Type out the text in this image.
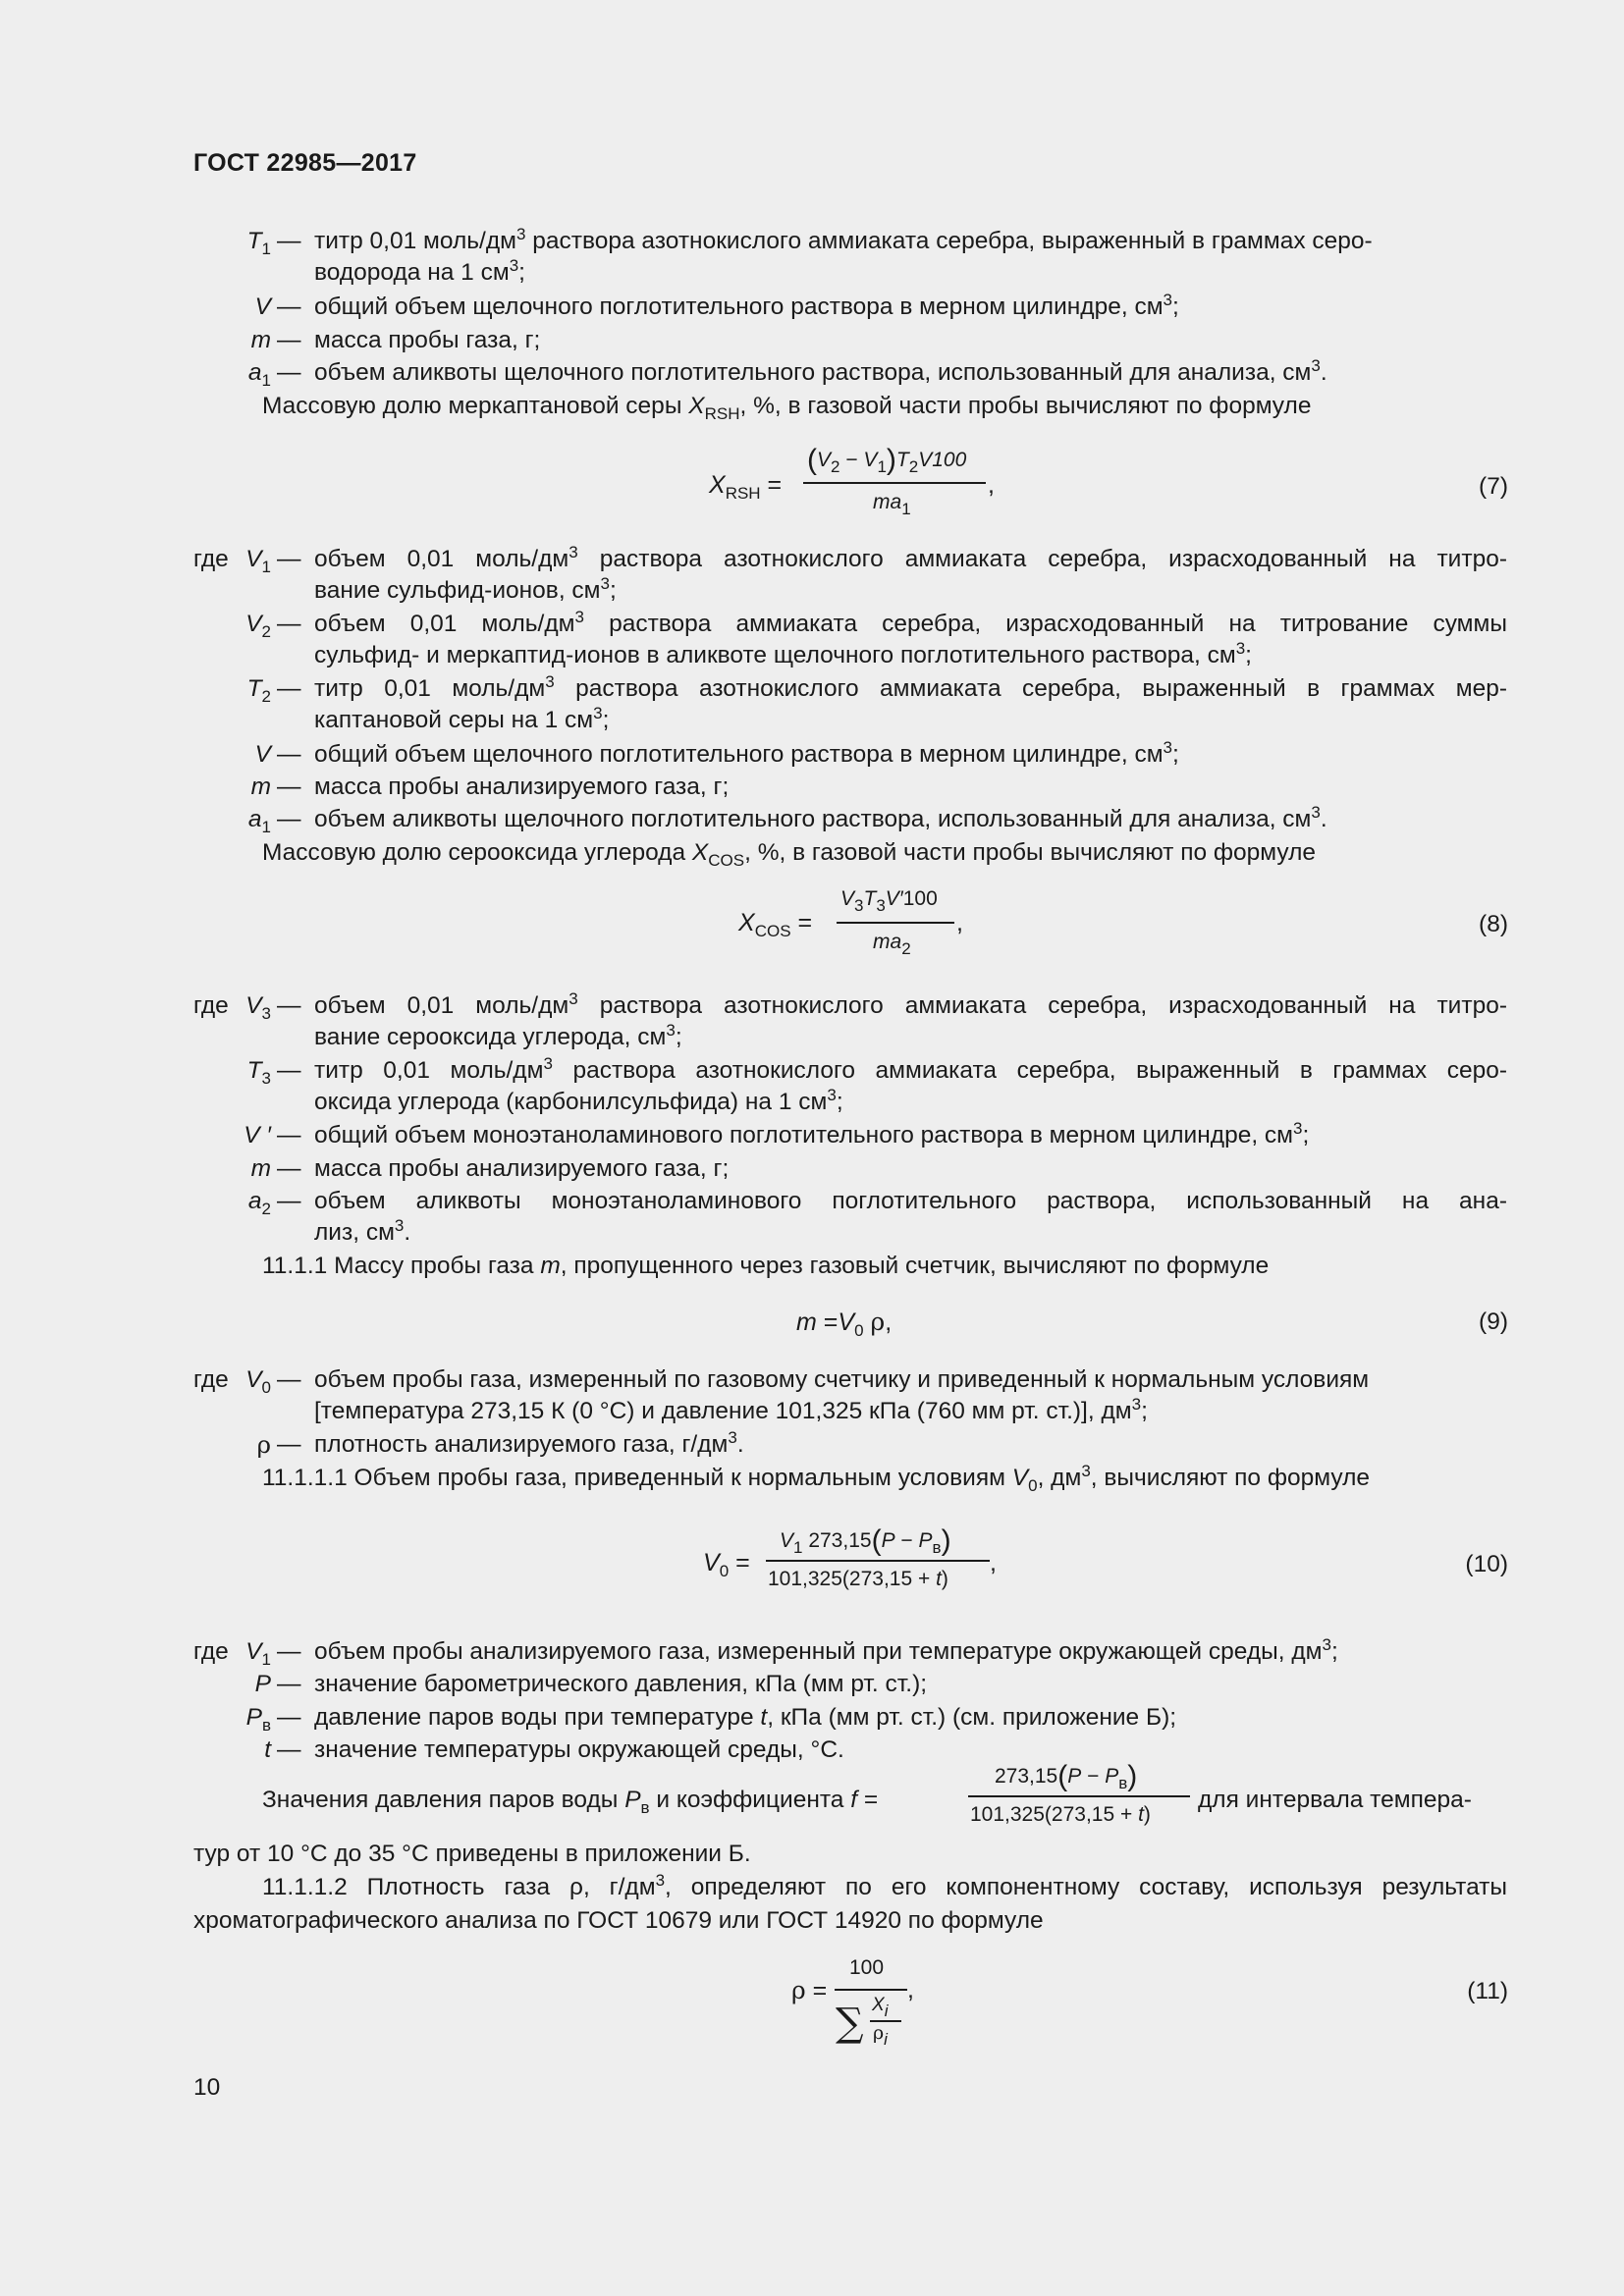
ГОСТ 22985—2017
$T_1$ — титр 0,01 моль/$дм^3$ раствора азотнокислого аммиаката серебра, выраженный в граммах серо-
водорода на 1 $см^3$;
V — общий объем щелочного поглотительного раствора в мерном цилиндре, $см^3$;
m — масса пробы газа, г;
$a_1$ — объем аликвоты щелочного поглотительного раствора, использованный для анализа, $см^3$.
Массовую долю меркаптановой серы $X_{RSH}$, %, в газовой части пробы вычисляют по формуле
$X_{RSH}$ =
$(V_2 - V_1)T_2V100$
$ma_1$
,	(7)
где $V_1$ — объем 0,01 моль/$дм^3$ раствора азотнокислого аммиаката серебра, израсходованный на титро-
вание сульфид-ионов, $см^3$;
$V_2$ — объем 0,01 моль/$дм^3$ раствора аммиаката серебра, израсходованный на титрование суммы
сульфид- и меркаптид-ионов в аликвоте щелочного поглотительного раствора, $см^3$;
$T_2$ — титр 0,01 моль/$дм^3$ раствора азотнокислого аммиаката серебра, выраженный в граммах мер-
каптановой серы на 1 $см^3$;
V — общий объем щелочного поглотительного раствора в мерном цилиндре, $см^3$;
m — масса пробы анализируемого газа, г;
$a_1$ — объем аликвоты щелочного поглотительного раствора, использованный для анализа, $см^3$.
Массовую долю серооксида углерода $X_{COS}$, %, в газовой части пробы вычисляют по формуле
$X_{COS}$ =
$V_3T_3V'100$
$ma_2$
,	(8)
где $V_3$ — объем 0,01 моль/$дм^3$ раствора азотнокислого аммиаката серебра, израсходованный на титро-
вание серооксида углерода, $см^3$;
$T_3$ — титр 0,01 моль/$дм^3$ раствора азотнокислого аммиаката серебра, выраженный в граммах серо-
оксида углерода (карбонилсульфида) на 1 $см^3$;
V ′ — общий объем моноэтаноламинового поглотительного раствора в мерном цилиндре, $см^3$;
m — масса пробы анализируемого газа, г;
$a_2$ — объем аликвоты моноэтаноламинового поглотительного раствора, использованный на ана-
лиз, $см^3$.
11.1.1 Массу пробы газа m, пропущенного через газовый счетчик, вычисляют по формуле
$m =V_0$ ρ,	(9)
где $V_0$ — объем пробы газа, измеренный по газовому счетчику и приведенный к нормальным условиям
[температура 273,15 К (0 °С) и давление 101,325 кПа (760 мм рт. ст.)], $дм^3$;
ρ — плотность анализируемого газа, $г/дм^3$.
11.1.1.1 Объем пробы газа, приведенный к нормальным условиям $V_0$, $дм^3$, вычисляют по формуле
$V_0$ =
$V_1$ $273,15(P - P_в)$
101,325(273,15 + t)
,	(10)
где $V_1$ — объем пробы анализируемого газа, измеренный при температуре окружающей среды, $дм^3$;
P — значение барометрического давления, кПа (мм рт. ст.);
$P_в$ — давление паров воды при температуре t, кПа (мм рт. ст.) (см. приложение Б);
t — значение температуры окружающей среды, °С.
Значения давления паров воды $P_в$ и коэффициента f =
$273,15(P - P_в)$
101,325(273,15 + t)
для интервала темпера-
тур от 10 °С до 35 °С приведены в приложении Б.
11.1.1.2 Плотность газа ρ, $г/дм^3$, определяют по его компонентному составу, используя результаты
хроматографического анализа по ГОСТ 10679 или ГОСТ 14920 по формуле
ρ =
100
∑ Xi
ρi
,	(11)
10
